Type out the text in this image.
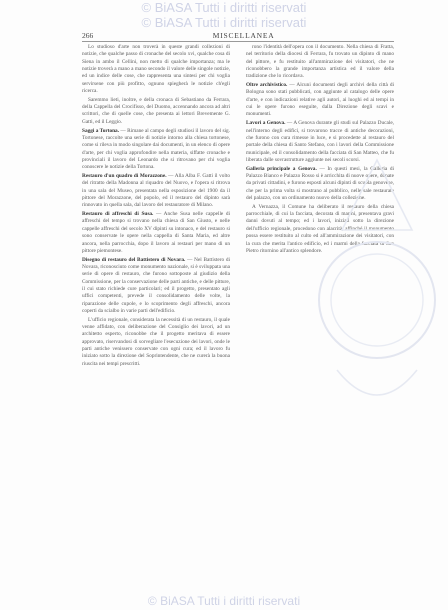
© BiASA Tutti i diritti riservati
© BiASA Tutti i diritti riservati
266	MISCELLANEA

Lo studioso d'arte non troverà in queste grandi collezioni di notizie, che qualche passo di cronache del secolo xvi, qualche cosa di Siena in ambo il Cellini, non metto di qualche importanza; ma le notizie troverà a mano a mano secondo il valore delle singole notizie, ed un indice delle cose, che rappresenta una sintesi per chi voglia servirsene con più profitto, ognuno spiegherà le notizie ch'egli ricerca.

Saremmo lieti, inoltre, e della cronaca di Sebastiano da Ferrara, della Cappella del Crocifisso, del Duomo, accennando ancora ad altri scrittori, che di quelle cose, che presenta ai lettori Brevemente G. Gatti, ed il Leggio.

Saggi a Tortona. — Rimane al campo degli studiosi il lavoro del sig. Tortonese, raccolte una serie di notizie intorno alla chiesa tortonese, come si rileva in modo singolare dai documenti, in un elenco di opere d'arte, per chi voglia approfondire nella materia, siffatte cronache e provinciali il lavoro del Leonardo che si ritrovano per chi voglia conoscere le notizie della Tortona.

Restauro d'un quadro di Morazzone. — Alla Alba F. Gatti il volto del ritratto della Madonna al riquadro del Nuovo, e l'opera si ritrova in una sala del Museo, presentata nella esposizione del 1900 da il pittore del Morazzone, del popolo, ed il restauro del dipinto sarà rinnovato in quella sala, dal lavoro del restauratore di Milano.

Restauro di affreschi di Susa. — Anche Susa nelle cappelle di affreschi del tempo si trovano nella chiesa di San Giusto, e nelle cappelle affreschi del secolo XV dipinti su intonaco, e del restauro si sono conservate le opere nella cappella di Santa Maria, ed altre ancora, nella parrocchia, dopo il lavoro ai restauri per mano di un pittore piemontese.

Disegno di restauro del Battistero di Novara. — Nel Battistero di Novara, riconosciuto come monumento nazionale, si è sviluppata una serie di opere di restauro, che furono sottoposte al giudizio della Commissione, per la conservazione delle parti antiche, e delle pitture, il cui stato richiede cure particolari; ed il progetto, presentato agli uffici competenti, prevede il consolidamento delle volte, la riparazione delle cupole, e lo scoprimento degli affreschi, ancora coperti da scialbo in varie parti dell'edificio.

L'ufficio regionale, considerata la necessità di un restauro, il quale venne affidato, con deliberazione del Consiglio dei lavori, ad un architetto esperto, riconobbe che il progetto meritava di essere approvato, riservandosi di sorvegliare l'esecuzione dei lavori, onde le parti antiche venissero conservate con ogni cura; ed il lavoro fu iniziato sotto la direzione del Soprintendente, che ne curerà la buona riuscita nei tempi prescritti.

rono l'identità dell'opera con il documento. Nella chiesa di Fratta, nel territorio della diocesi di Ferrara, fu trovato un dipinto di mano del pittore, e fu restituito all'ammirazione dei visitatori, che ne riconobbero la grande importanza artistica ed il valore della tradizione che lo ricordava.

Oltre archivistico. — Alcuni documenti degli archivi della città di Bologna sono stati pubblicati, con aggiunte al catalogo delle opere d'arte, e con indicazioni relative agli autori, ai luoghi ed ai tempi in cui le opere furono eseguite, dalla Direzione degli scavi e monumenti.

Lavori a Genova. — A Genova durante gli studi sul Palazzo Ducale, nell'interno degli edifici, si trovarono tracce di antiche decorazioni, che furono con cura rimesse in luce, e si procedette al restauro del portale della chiesa di Santo Stefano, con i lavori della Commissione municipale, ed il consolidamento della facciata di San Matteo, che fu liberata dalle sovrastrutture aggiunte nei secoli scorsi.

Galleria principale a Genova. — In questi mesi, la Galleria di Palazzo Bianco e Palazzo Rosso si è arricchita di nuove opere, donate da privati cittadini, e furono esposti alcuni dipinti di scuola genovese, che per la prima volta si mostrano al pubblico, nelle sale restaurate del palazzo, con un ordinamento nuovo della collezione.

A Vernazza, il Comune ha deliberato il restauro della chiesa parrocchiale, di cui la facciata, decorata di marmi, presentava gravi danni dovuti al tempo; ed i lavori, iniziati sotto la direzione dell'ufficio regionale, procedono con alacrità, affinché il monumento possa essere restituito al culto ed all'ammirazione dei visitatori, con la cura che merita l'antico edificio, ed i marmi della facciata di San Pietro ritornino all'antico splendore.

© BiASA Tutti i diritti riservati
